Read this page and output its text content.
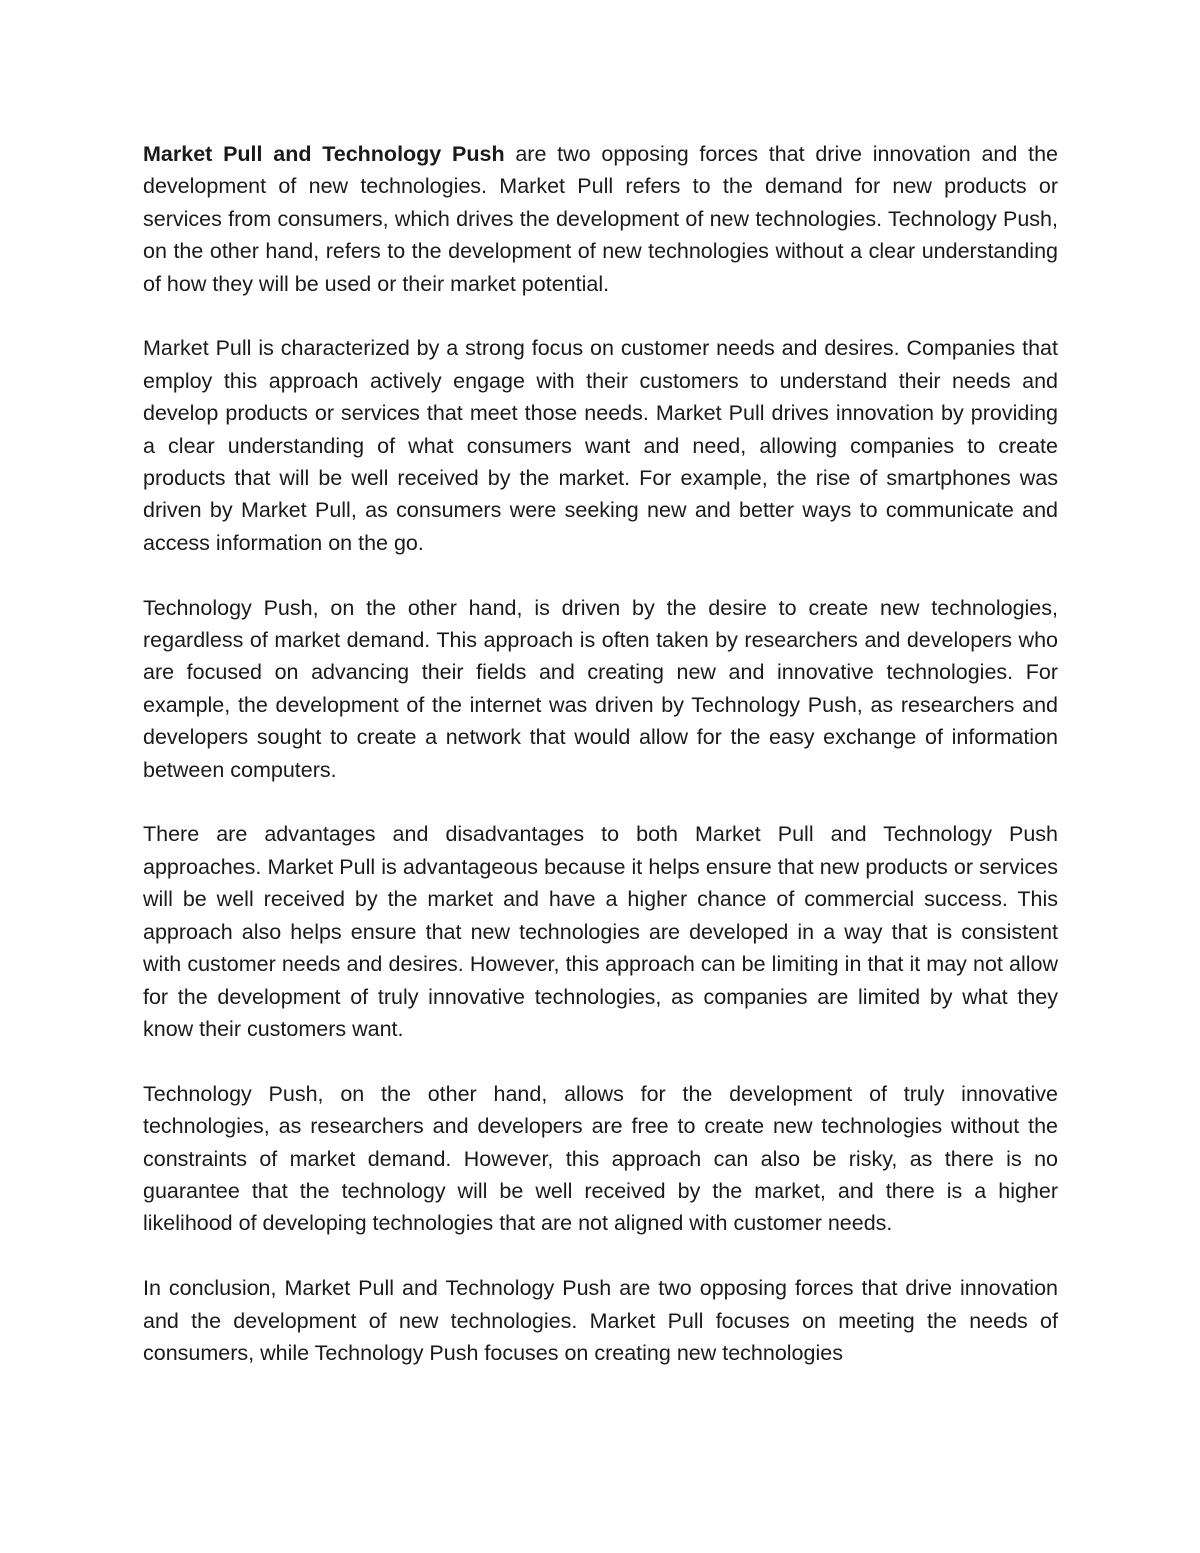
Market Pull and Technology Push are two opposing forces that drive innovation and the development of new technologies. Market Pull refers to the demand for new products or services from consumers, which drives the development of new technologies. Technology Push, on the other hand, refers to the development of new technologies without a clear understanding of how they will be used or their market potential.

Market Pull is characterized by a strong focus on customer needs and desires. Companies that employ this approach actively engage with their customers to understand their needs and develop products or services that meet those needs. Market Pull drives innovation by providing a clear understanding of what consumers want and need, allowing companies to create products that will be well received by the market. For example, the rise of smartphones was driven by Market Pull, as consumers were seeking new and better ways to communicate and access information on the go.

Technology Push, on the other hand, is driven by the desire to create new technologies, regardless of market demand. This approach is often taken by researchers and developers who are focused on advancing their fields and creating new and innovative technologies. For example, the development of the internet was driven by Technology Push, as researchers and developers sought to create a network that would allow for the easy exchange of information between computers.

There are advantages and disadvantages to both Market Pull and Technology Push approaches. Market Pull is advantageous because it helps ensure that new products or services will be well received by the market and have a higher chance of commercial success. This approach also helps ensure that new technologies are developed in a way that is consistent with customer needs and desires. However, this approach can be limiting in that it may not allow for the development of truly innovative technologies, as companies are limited by what they know their customers want.

Technology Push, on the other hand, allows for the development of truly innovative technologies, as researchers and developers are free to create new technologies without the constraints of market demand. However, this approach can also be risky, as there is no guarantee that the technology will be well received by the market, and there is a higher likelihood of developing technologies that are not aligned with customer needs.

In conclusion, Market Pull and Technology Push are two opposing forces that drive innovation and the development of new technologies. Market Pull focuses on meeting the needs of consumers, while Technology Push focuses on creating new technologies
